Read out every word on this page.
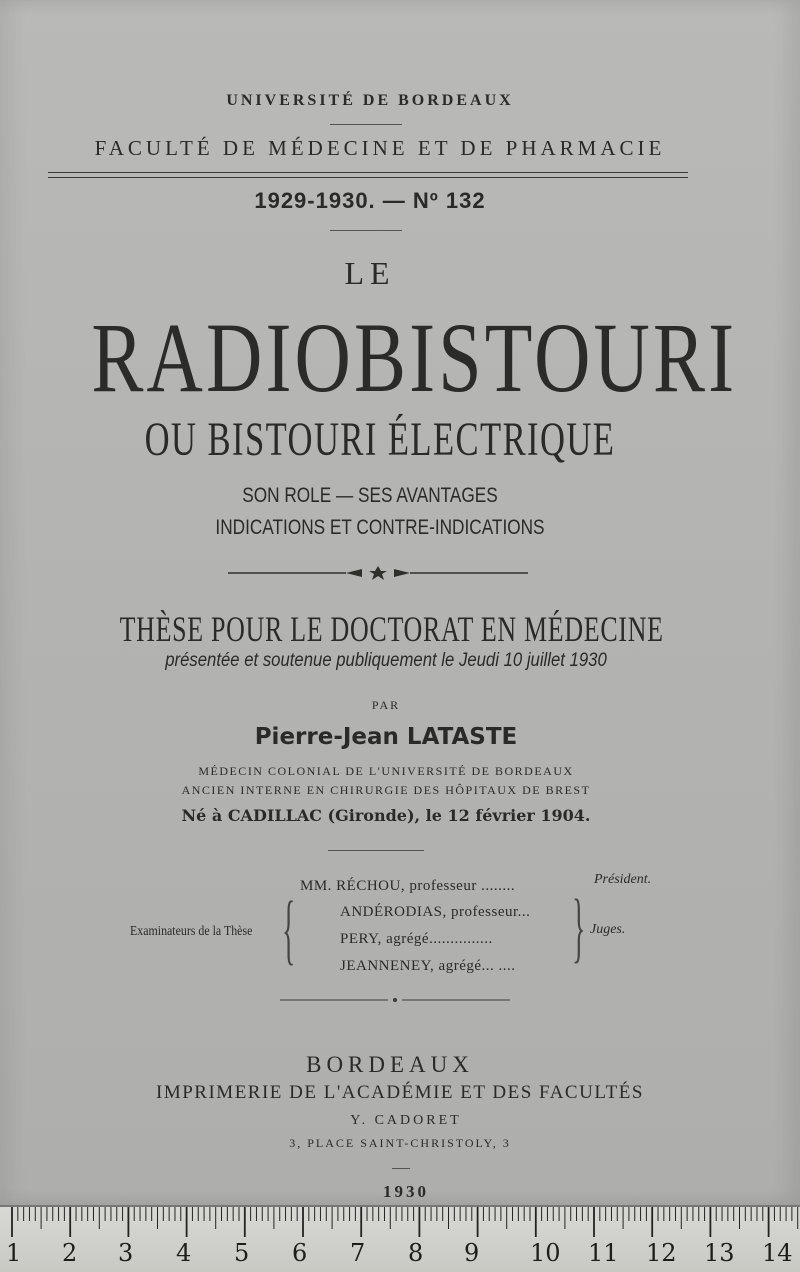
UNIVERSITÉ DE BORDEAUX
FACULTÉ DE MÉDECINE ET DE PHARMACIE
1929-1930. — Nº 132
LE
RADIOBISTOURI
OU BISTOURI ÉLECTRIQUE
SON ROLE — SES AVANTAGES
INDICATIONS ET CONTRE-INDICATIONS
THÈSE POUR LE DOCTORAT EN MÉDECINE
présentée et soutenue publiquement le Jeudi 10 juillet 1930
PAR
Pierre-Jean LATASTE
MÉDECIN COLONIAL DE L'UNIVERSITÉ DE BORDEAUX
ANCIEN INTERNE EN CHIRURGIE DES HÔPITAUX DE BREST
Né à CADILLAC (Gironde), le 12 février 1904.
Examinateurs de la Thèse { MM. RÉCHOU, professeur ........
ANDÉRODIAS, professeur...
PERY, agrégé...............
JEANNENEY, agrégé... .... {
Président.
Juges.
BORDEAUX
IMPRIMERIE DE L'ACADÉMIE ET DES FACULTÉS
Y. CADORET
3, PLACE SAINT-CHRISTOLY, 3
1930
1 2 3 4 5 6 7 8 9 10 11 12 13 14
